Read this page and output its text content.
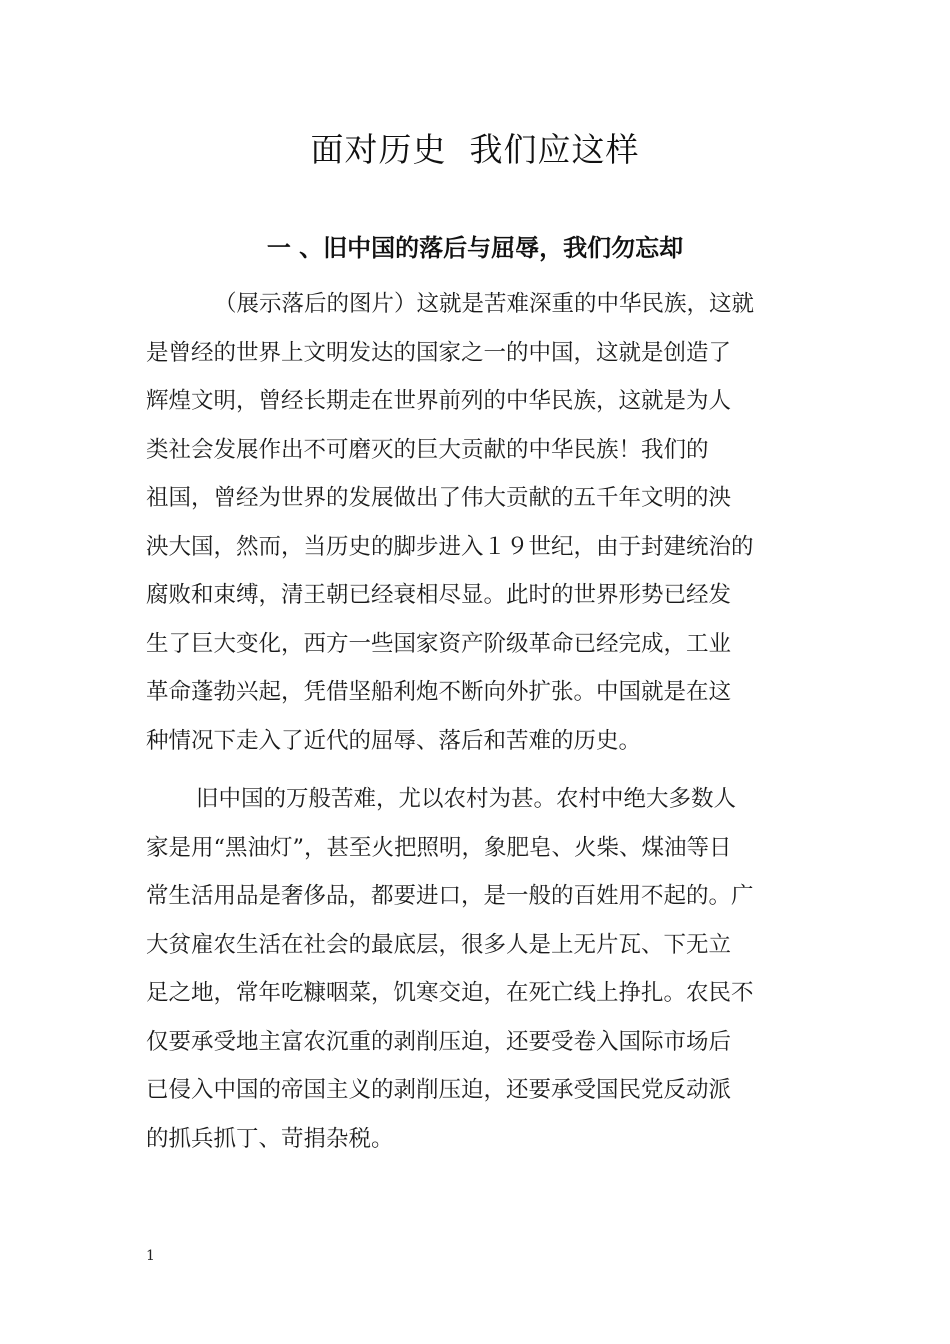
面对历史  我们应这样
一 、旧中国的落后与屈辱，我们勿忘却
（展示落后的图片）这就是苦难深重的中华民族，这就
是曾经的世界上文明发达的国家之一的中国，这就是创造了
辉煌文明，曾经长期走在世界前列的中华民族，这就是为人
类社会发展作出不可磨灭的巨大贡献的中华民族！我们的
祖国，曾经为世界的发展做出了伟大贡献的五千年文明的泱
泱大国，然而，当历史的脚步进入１９世纪，由于封建统治的
腐败和束缚，清王朝已经衰相尽显。此时的世界形势已经发
生了巨大变化，西方一些国家资产阶级革命已经完成，工业
革命蓬勃兴起，凭借坚船利炮不断向外扩张。中国就是在这
种情况下走入了近代的屈辱、落后和苦难的历史。
旧中国的万般苦难，尤以农村为甚。农村中绝大多数人
家是用“黑油灯”，甚至火把照明，象肥皂、火柴、煤油等日
常生活用品是奢侈品，都要进口，是一般的百姓用不起的。广
大贫雇农生活在社会的最底层，很多人是上无片瓦、下无立
足之地，常年吃糠咽菜，饥寒交迫，在死亡线上挣扎。农民不
仅要承受地主富农沉重的剥削压迫，还要受卷入国际市场后
已侵入中国的帝国主义的剥削压迫，还要承受国民党反动派
的抓兵抓丁、苛捐杂税。
1
